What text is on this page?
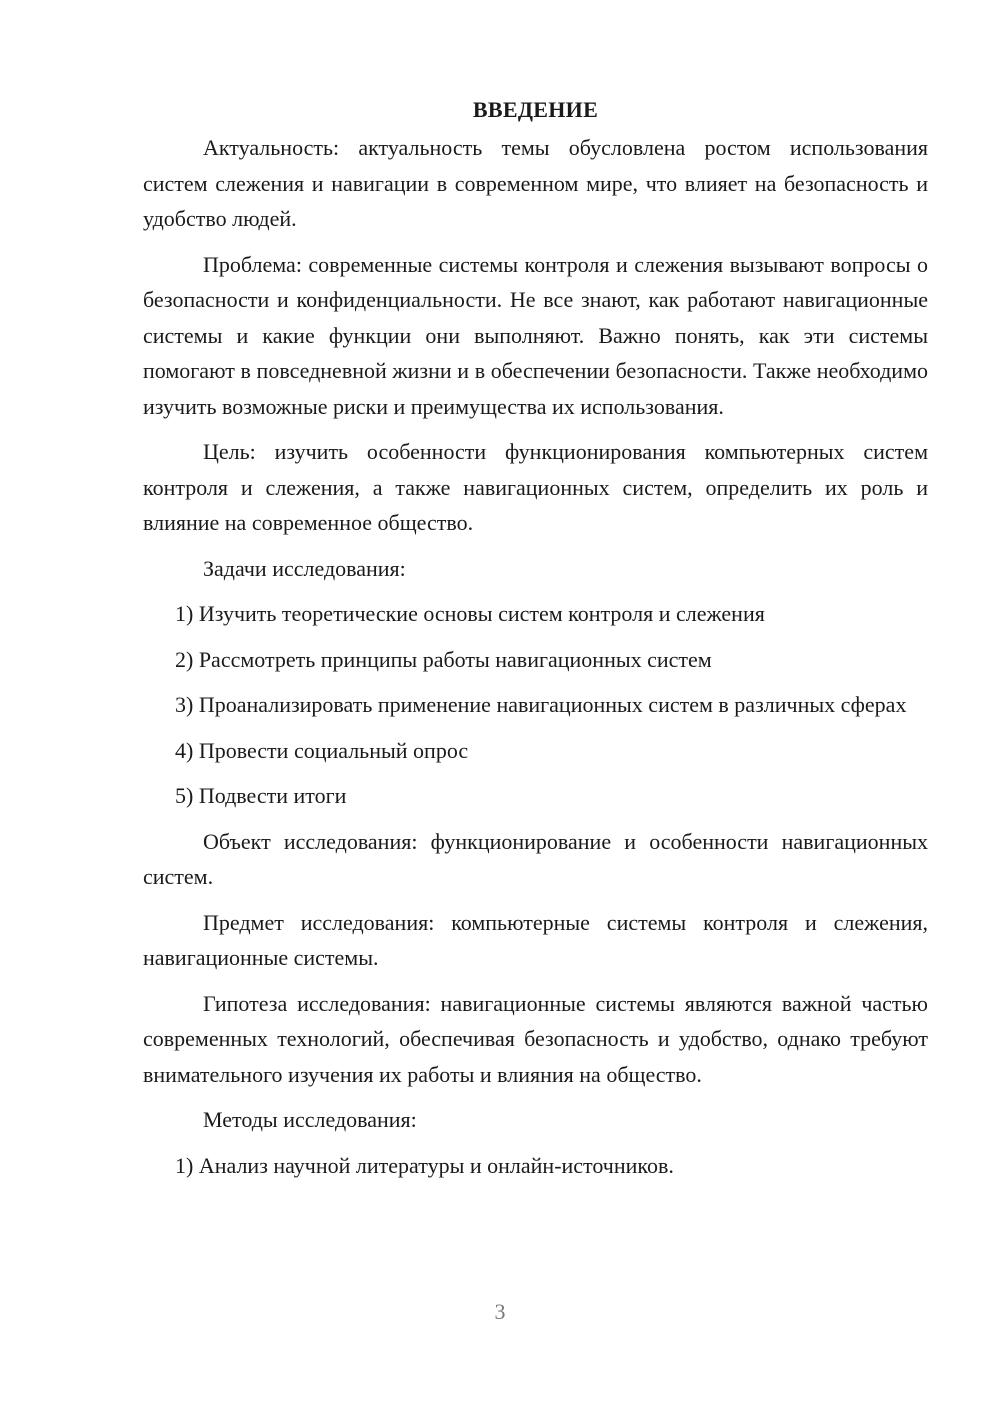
ВВЕДЕНИЕ

Актуальность: актуальность темы обусловлена ростом использования систем слежения и навигации в современном мире, что влияет на безопасность и удобство людей.

Проблема: современные системы контроля и слежения вызывают вопросы о безопасности и конфиденциальности. Не все знают, как работают навигационные системы и какие функции они выполняют. Важно понять, как эти системы помогают в повседневной жизни и в обеспечении безопасности. Также необходимо изучить возможные риски и преимущества их использования.

Цель: изучить особенности функционирования компьютерных систем контроля и слежения, а также навигационных систем, определить их роль и влияние на современное общество.

Задачи исследования:

1) Изучить теоретические основы систем контроля и слежения

2) Рассмотреть принципы работы навигационных систем

3) Проанализировать применение навигационных систем в различных сферах

4) Провести социальный опрос

5) Подвести итоги

Объект исследования: функционирование и особенности навигационных систем.

Предмет исследования: компьютерные системы контроля и слежения, навигационные системы.

Гипотеза исследования: навигационные системы являются важной частью современных технологий, обеспечивая безопасность и удобство, однако требуют внимательного изучения их работы и влияния на общество.

Методы исследования:

1) Анализ научной литературы и онлайн-источников.

3
